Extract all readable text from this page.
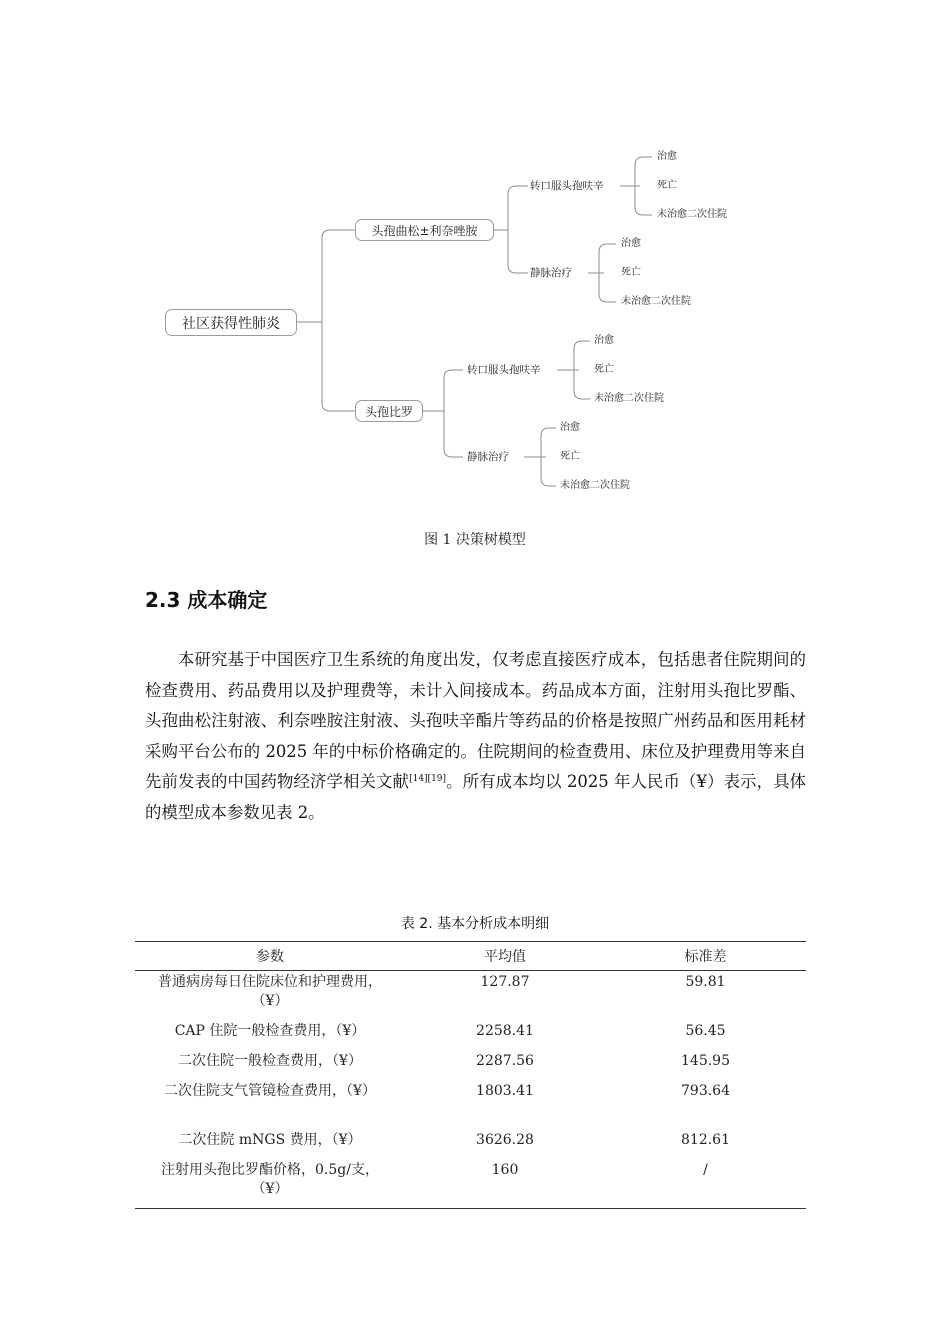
社区获得性肺炎
头孢曲松±利奈唑胺
头孢比罗
转口服头孢呋辛
静脉治疗
治愈
死亡
未治愈二次住院
治愈
死亡
未治愈二次住院
转口服头孢呋辛
静脉治疗
治愈
死亡
未治愈二次住院
治愈
死亡
未治愈二次住院
图 1 决策树模型
2.3 成本确定

本研究基于中国医疗卫生系统的角度出发，仅考虑直接医疗成本，包括患者住院期间的检查费用、药品费用以及护理费等，未计入间接成本。药品成本方面，注射用头孢比罗酯、头孢曲松注射液、利奈唑胺注射液、头孢呋辛酯片等药品的价格是按照广州药品和医用耗材采购平台公布的 2025 年的中标价格确定的。住院期间的检查费用、床位及护理费用等来自先前发表的中国药物经济学相关文献[14][19]。所有成本均以 2025 年人民币（¥）表示，具体的模型成本参数见表 2。

表 2. 基本分析成本明细
参数	平均值	标准差
普通病房每日住院床位和护理费用，（¥）	127.87	59.81
CAP 住院一般检查费用，（¥）	2258.41	56.45
二次住院一般检查费用，（¥）	2287.56	145.95
二次住院支气管镜检查费用，（¥）	1803.41	793.64
二次住院 mNGS 费用，（¥）	3626.28	812.61
注射用头孢比罗酯价格，0.5g/支，（¥）	160	/
